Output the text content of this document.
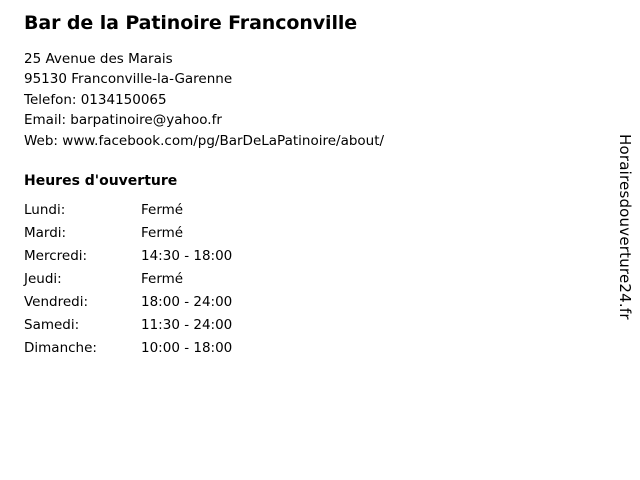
Bar de la Patinoire Franconville
25 Avenue des Marais
95130 Franconville-la-Garenne
Telefon: 0134150065
Email: barpatinoire@yahoo.fr
Web: www.facebook.com/pg/BarDeLaPatinoire/about/
Heures d'ouverture
Lundi:	Fermé
Mardi:	Fermé
Mercredi:	14:30 - 18:00
Jeudi:	Fermé
Vendredi:	18:00 - 24:00
Samedi:	11:30 - 24:00
Dimanche:	10:00 - 18:00
Horairesdouverture24.fr
